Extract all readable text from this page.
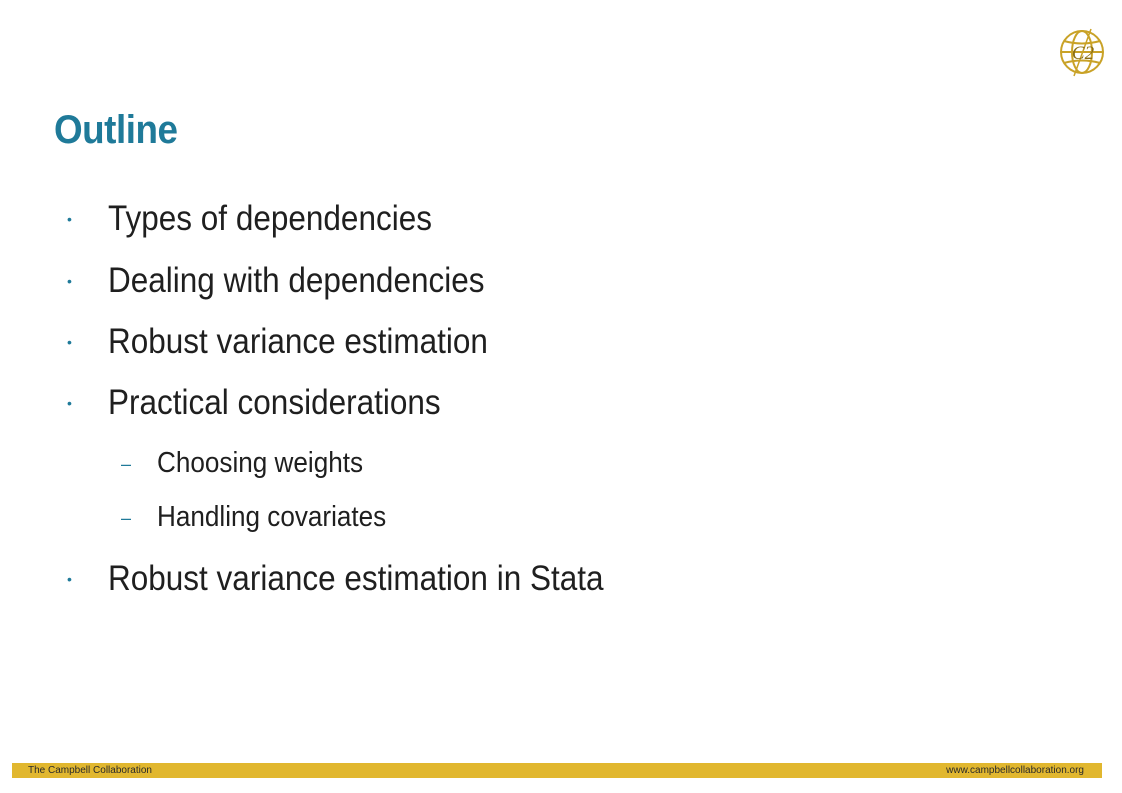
C2
Outline
• Types of dependencies
• Dealing with dependencies
• Robust variance estimation
• Practical considerations
– Choosing weights
– Handling covariates
• Robust variance estimation in Stata
The Campbell Collaboration	www.campbellcollaboration.org
